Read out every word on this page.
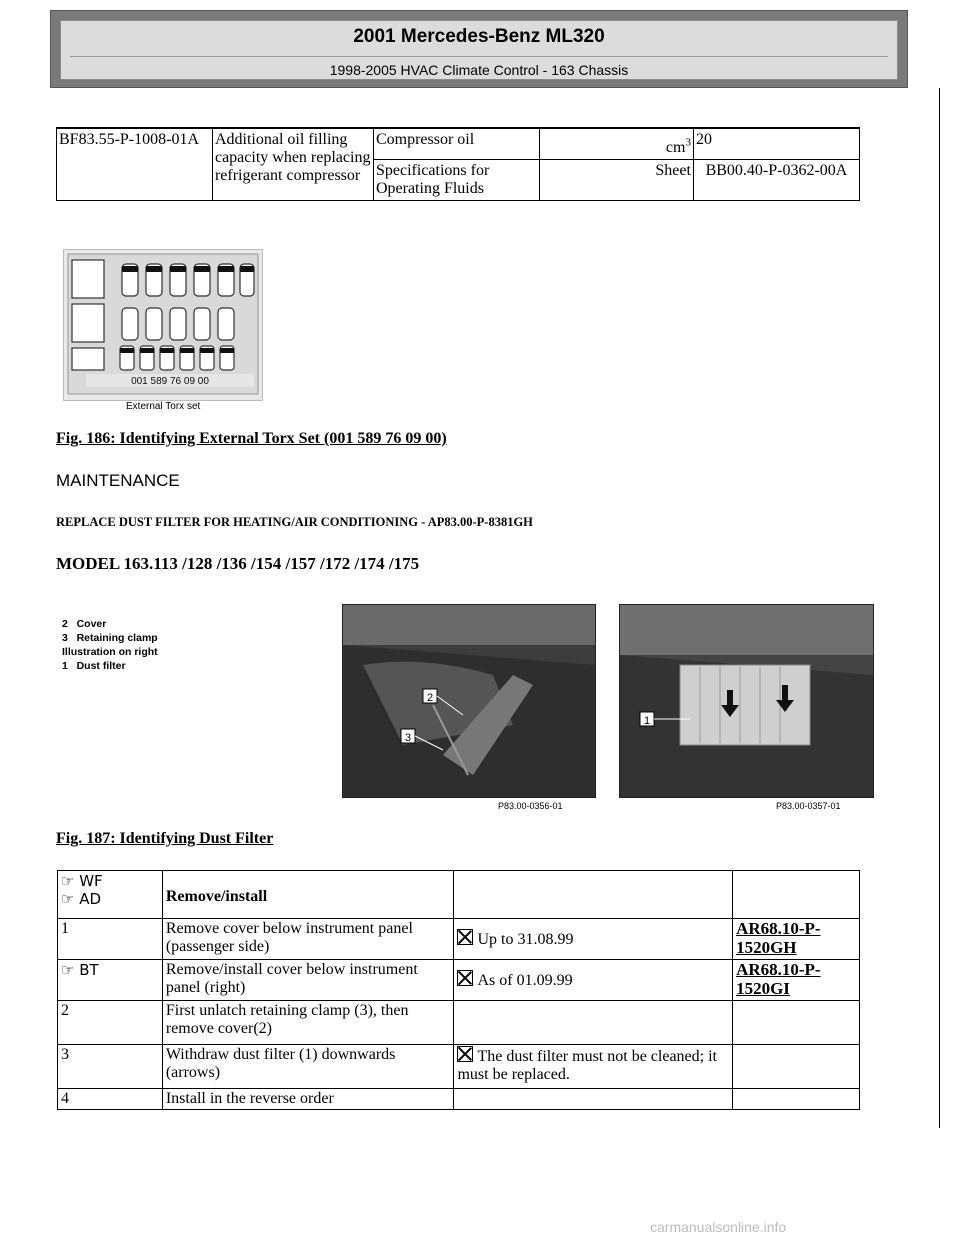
2001 Mercedes-Benz ML320
1998-2005 HVAC Climate Control - 163 Chassis
BF83.55-P-1008-01A	Additional oil filling capacity when replacing refrigerant compressor	Compressor oil	$cm^3$	20
		Specifications for Operating Fluids	Sheet	BB00.40-P-0362-00A
001 589 76 09 00
External Torx set
Fig. 186: Identifying External Torx Set (001 589 76 09 00)
MAINTENANCE
REPLACE DUST FILTER FOR HEATING/AIR CONDITIONING - AP83.00-P-8381GH
MODEL 163.113 /128 /136 /154 /157 /172 /174 /175
2   Cover
3   Retaining clamp
Illustration on right
1   Dust filter
2
3
P83.00-0356-01
1
P83.00-0357-01
Fig. 187: Identifying Dust Filter
☞ WF
☞ AD	Remove/install		
1	Remove cover below instrument panel (passenger side)	Up to 31.08.99	AR68.10-P-1520GH
☞ BT	Remove/install cover below instrument panel (right)	As of 01.09.99	AR68.10-P-1520GI
2	First unlatch retaining clamp (3), then remove cover(2)		
3	Withdraw dust filter (1) downwards (arrows)	The dust filter must not be cleaned; it must be replaced.	
4	Install in the reverse order		
carmanualsonline.info
